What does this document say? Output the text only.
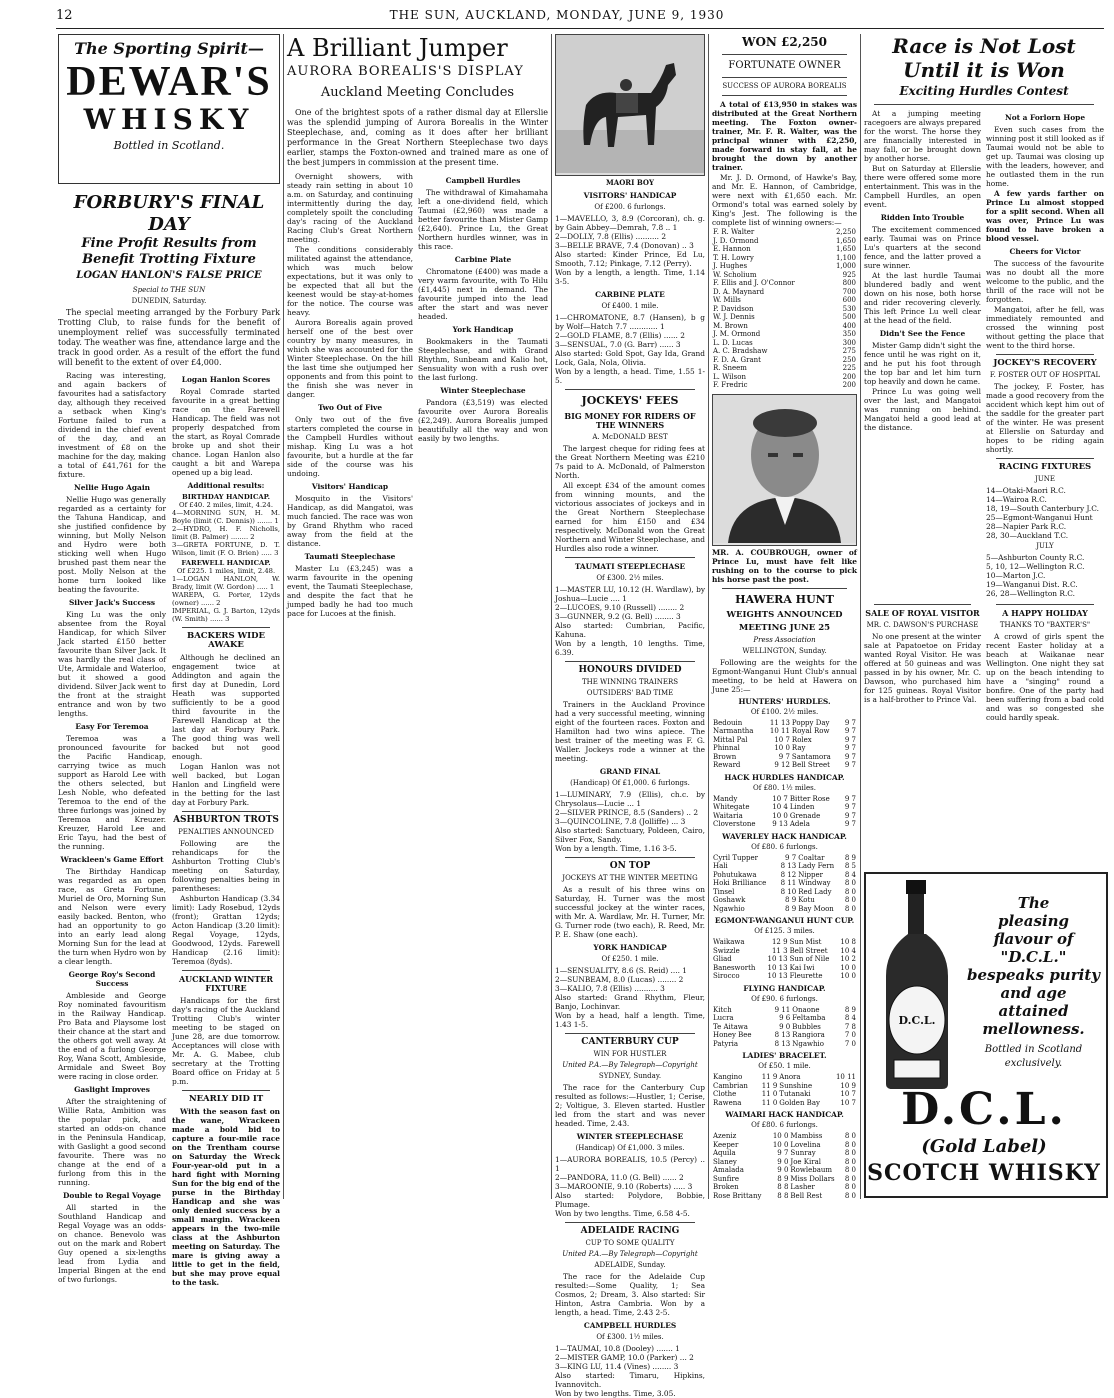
12	THE SUN, AUCKLAND, MONDAY, JUNE 9, 1930
The Sporting Spirit—
DEWAR'S
WHISKY
Bottled in Scotland.
FORBURY'S FINAL DAY
Fine Profit Results from
Benefit Trotting Fixture
LOGAN HANLON'S FALSE PRICE
Special to THE SUN
DUNEDIN, Saturday.

The special meeting arranged by the Forbury Park Trotting Club, to raise funds for the benefit of unemployment relief was successfully terminated today. The weather was fine, attendance large and the track in good order. As a result of the effort the fund will benefit to the extent of over £4,000.

Racing was interesting, and again backers of favourites had a satisfactory day, although they received a setback when King's Fortune failed to run a dividend in the chief event of the day, and an investment of £8 on the machine for the day, making a total of £41,761 for the fixture.

Nellie Hugo Again

Nellie Hugo was generally regarded as a certainty for the Tahuna Handicap, and she justified confidence by winning, but Molly Nelson and Hydro were both sticking well when Hugo brushed past them near the post. Molly Nelson at the home turn looked like beating the favourite.

Silver Jack's Success

King Lu was the only absentee from the Royal Handicap, for which Silver Jack started £150 better favourite than Silver Jack. It was hardly the real class of Ute, Armidale and Waterloo, but it showed a good dividend. Silver Jack went to the front at the straight entrance and won by two lengths.

Easy For Teremoa

Teremoa was a pronounced favourite for the Pacific Handicap, carrying twice as much support as Harold Lee with the others selected, but Lesh Noble, who defeated Teremoa to the end of the three furlongs was joined by Teremoa and Kreuzer. Kreuzer, Harold Lee and Eric Tayu, had the best of the running.

Wrackleen's Game Effort

The Birthday Handicap was regarded as an open race, as Greta Fortune, Muriel de Oro, Morning Sun and Nelson were every easily backed. Benton, who had an opportunity to go into an early lead along Morning Sun for the lead at the turn when Hydro won by a clear length.

George Roy's Second Success

Ambleside and George Roy nominated favouritism in the Railway Handicap. Pro Bata and Playsome lost their chance at the start and the others got well away. At the end of a furlong George Roy, Wana Scott, Ambleside, Armidale and Sweet Boy were racing in close order.

Gaslight Improves

After the straightening of Willie Rata, Ambition was the popular pick, and started an odds-on chance in the Peninsula Handicap, with Gaslight a good second favourite. There was no change at the end of a furlong from this in the running.

Double to Regal Voyage

All started in the Southland Handicap and Regal Voyage was an odds-on chance. Benevolo was out on the mark and Robert Guy opened a six-lengths lead from Lydia and Imperial Bingen at the end of two furlongs.

Logan Hanlon Scores

Royal Comrade started favourite in a great betting race on the Farewell Handicap. The field was not properly despatched from the start, as Royal Comrade broke up and shot their chance. Logan Hanlon also caught a bit and Warepa opened up a big lead.

Additional results:
BIRTHDAY HANDICAP.
Of £40. 2 miles, limit, 4.24.
4—MORNING SUN, H. M. Boyle (limit (C. Dennis)) ....... 1
2—HYDRO, H. F. Nicholls, limit (B. Palmer) ........ 2
3—GRETA FORTUNE, D. T. Wilson, limit (F. O. Brien) ..... 3
FAREWELL HANDICAP.
Of £225. 1 miles, limit, 2.48.
1—LOGAN HANLON, W. Brady, limit (W. Gordon) ..... 1
WAREPA, G. Porter, 12yds (owner) ...... 2
IMPERIAL, G. J. Barton, 12yds (W. Smith) ...... 3
BACKERS WIDE AWAKE

Although he declined an engagement twice at Addington and again the first day at Dunedin, Lord Heath was supported sufficiently to be a good third favourite in the Farewell Handicap at the last day at Forbury Park. The good thing was well backed but not good enough.

Logan Hanlon was not well backed, but Logan Hanlon and Lingfield were in the betting for the last day at Forbury Park.

ASHBURTON TROTS
PENALTIES ANNOUNCED

Following are the rehandicaps for the Ashburton Trotting Club's meeting on Saturday, following penalties being in parentheses:

Ashburton Handicap (3.34 limit): Lady Rosebud, 12yds (front); Grattan 12yds; Acton Handicap (3.20 limit): Regal Voyage, 12yds, Goodwood, 12yds. Farewell Handicap (2.16 limit): Teremoa (8yds).

AUCKLAND WINTER FIXTURE

Handicaps for the first day's racing of the Auckland Trotting Club's winter meeting to be staged on June 28, are due tomorrow. Acceptances will close with Mr. A. G. Mabee, club secretary at the Trotting Board office on Friday at 5 p.m.

NEARLY DID IT

With the season fast on the wane, Wrackeen made a bold bid to capture a four-mile race on the Trentham course on Saturday the Wreck Four-year-old put in a hard fight with Morning Sun for the big end of the purse in the Birthday Handicap and she was only denied success by a small margin. Wrackeen appears in the two-mile class at the Ashburton meeting on Saturday. The mare is giving away a little to get in the field, but she may prove equal to the task.

A Brilliant Jumper
AURORA BOREALIS'S DISPLAY
Auckland Meeting Concludes

One of the brightest spots of a rather dismal day at Ellerslie was the splendid jumping of Aurora Borealis in the Winter Steeplechase, and, coming as it does after her brilliant performance in the Great Northern Steeplechase two days earlier, stamps the Foxton-owned and trained mare as one of the best jumpers in commission at the present time.

Overnight showers, with steady rain setting in about 10 a.m. on Saturday, and continuing intermittently during the day, completely spoilt the concluding day's racing of the Auckland Racing Club's Great Northern meeting.

The conditions considerably militated against the attendance, which was much below expectations, but it was only to be expected that all but the keenest would be stay-at-homes for the notice. The course was heavy.

Aurora Borealis again proved herself one of the best over country by many measures, in which she was accounted for the Winter Steeplechase. On the hill the last time she outjumped her opponents and from this point to the finish she was never in danger.

Two Out of Five

Only two out of the five starters completed the course in the Campbell Hurdles without mishap. King Lu was a hot favourite, but a hurdle at the far side of the course was his undoing.

Visitors' Handicap

Mosquito in the Visitors' Handicap, as did Mangatoi, was much fancied. The race was won by Grand Rhythm who raced away from the field at the distance.

Taumati Steeplechase

Master Lu (£3,245) was a warm favourite in the opening event, the Taumati Steeplechase, and despite the fact that he jumped badly he had too much pace for Lucoes at the finish.

Campbell Hurdles

The withdrawal of Kimahamaha left a one-dividend field, which Taumai (£2,960) was made a better favourite than Mister Gamp (£2,640). Prince Lu, the Great Northern hurdles winner, was in this race.

Carbine Plate

Chromatone (£400) was made a very warm favourite, with To Hilu (£1,445) next in demand. The favourite jumped into the lead after the start and was never headed.

York Handicap

Bookmakers in the Taumati Steeplechase, and with Grand Rhythm, Sunbeam and Kalio hot, Sensuality won with a rush over the last furlong.

Winter Steeplechase

Pandora (£3,519) was elected favourite over Aurora Borealis (£2,249). Aurora Borealis jumped beautifully all the way and won easily by two lengths.

MAORI BOY
VISITORS' HANDICAP
Of £200. 6 furlongs.
1—MAVELLO, 3, 8.9 (Corcoran), ch. g. by Gain Abbey—Demrah, 7.8 .. 1
2—DOLLY, 7.8 (Ellis) .......... 2
3—BELLE BRAVE, 7.4 (Donovan) .. 3
Also started: Kinder Prince, Ed Lu, Smooth, 7.12; Pinkage, 7.12 (Perry).
Won by a length, a length. Time, 1.14 3-5.
CARBINE PLATE
Of £400. 1 mile.
1—CHROMATONE, 8.7 (Hansen), b g by Wolf—Hatch 7.7 ............ 1
2—GOLD FLAME, 8.7 (Ellis) ...... 2
3—SENSUAL, 7.0 (G. Barr) ...... 3
Also started: Gold Spot, Gay Ida, Grand Lock, Gala, Nola, Olivia.
Won by a length, a head. Time, 1.55 1-5.
JOCKEYS' FEES
BIG MONEY FOR RIDERS OF THE WINNERS
A. McDONALD BEST

The largest cheque for riding fees at the Great Northern Meeting was £210 7s paid to A. McDonald, of Palmerston North.

All except £34 of the amount comes from winning mounts, and the victorious associates of jockeys and in the Great Northern Steeplechase earned for him £150 and £34 respectively. McDonald won the Great Northern and Winter Steeplechase, and Hurdles also rode a winner.

TAUMATI STEEPLECHASE
Of £300. 2½ miles.
1—MASTER LU, 10.12 (H. Wardlaw), by Joshua—Lucie .... 1
2—LUCOES, 9.10 (Russell) ........ 2
3—GUNNER, 9.2 (G. Bell) ........ 3
Also started: Cumbrian, Pacific, Kahuna.
Won by a length, 10 lengths. Time, 6.39.
HONOURS DIVIDED
THE WINNING TRAINERS
OUTSIDERS' BAD TIME

Trainers in the Auckland Province had a very successful meeting, winning eight of the fourteen races. Foxton and Hamilton had two wins apiece. The best trainer of the meeting was F. G. Waller. Jockeys rode a winner at the meeting.

GRAND FINAL
(Handicap) Of £1,000. 6 furlongs.
1—LUMINARY, 7.9 (Ellis), ch.c. by Chrysolaus—Lucie ... 1
2—SILVER PRINCE, 8.5 (Sanders) .. 2
3—QUINCOLINE, 7.8 (Jolliffe) ... 3
Also started: Sanctuary, Poldeen, Cairo, Silver Fox, Sandy.
Won by a length. Time, 1.16 3-5.
ON TOP
JOCKEYS AT THE WINTER MEETING

As a result of his three wins on Saturday, H. Turner was the most successful jockey at the winter races, with Mr. A. Wardlaw, Mr. H. Turner, Mr. G. Turner rode (two each), R. Reed, Mr. P. E. Shaw (one each).

YORK HANDICAP
Of £250. 1 mile.
1—SENSUALITY, 8.6 (S. Reid) .... 1
2—SUNBEAM, 8.0 (Lucas) ........ 2
3—KALIO, 7.8 (Ellis) .......... 3
Also started: Grand Rhythm, Fleur, Banjo, Lochinvar.
Won by a head, half a length. Time, 1.43 1-5.
CANTERBURY CUP
WIN FOR HUSTLER
United P.A.—By Telegraph—Copyright
SYDNEY, Sunday.

The race for the Canterbury Cup resulted as follows:—Hustler, 1; Cerise, 2; Voltigue, 3. Eleven started. Hustler led from the start and was never headed. Time, 2.43.

WINTER STEEPLECHASE
(Handicap) Of £1,000. 3 miles.
1—AURORA BOREALIS, 10.5 (Percy) .. 1
2—PANDORA, 11.0 (G. Bell) ...... 2
3—MAROONIE, 9.10 (Roberts) ..... 3
Also started: Polydore, Bobbie, Plumage.
Won by two lengths. Time, 6.58 4-5.
ADELAIDE RACING
CUP TO SOME QUALITY
United P.A.—By Telegraph—Copyright
ADELAIDE, Sunday.

The race for the Adelaide Cup resulted:—Some Quality, 1; Sea Cosmos, 2; Dream, 3. Also started: Sir Hinton, Astra Cambria. Won by a length, a head. Time, 2.43 2-5.

CAMPBELL HURDLES
Of £300. 1½ miles.
1—TAUMAI, 10.8 (Dooley) ....... 1
2—MISTER GAMP, 10.0 (Parker) ... 2
3—KING LU, 11.4 (Vines) ........ 3
Also started: Timaru, Hipkins, Ivannovitch.
Won by two lengths. Time, 3.05.
WON £2,250
FORTUNATE OWNER
SUCCESS OF AURORA BOREALIS

A total of £13,950 in stakes was distributed at the Great Northern meeting. The Foxton owner-trainer, Mr. F. R. Walter, was the principal winner with £2,250, made forward in stay fall, at he brought the down by another trainer.

Mr. J. D. Ormond, of Hawke's Bay, and Mr. E. Hannon, of Cambridge, were next with £1,650 each. Mr. Ormond's total was earned solely by King's Jest. The following is the complete list of winning owners:—

F. R. Walter	2,250
J. D. Ormond	1,650
E. Hannon	1,650
T. H. Lowry	1,100
J. Hughes	1,000
W. Scholium	925
F. Ellis and J. O'Connor	800
D. A. Maynard	700
W. Mills	600
P. Davidson	530
W. J. Dennis	500
M. Brown	400
J. M. Ormond	350
L. D. Lucas	300
A. C. Bradshaw	275
F. D. A. Grant	250
R. Sneem	225
L. Wilson	200
F. Fredric	200

MR. A. COUBROUGH, owner of Prince Lu, must have felt like rushing on to the course to pick his horse past the post.

HAWERA HUNT
WEIGHTS ANNOUNCED
MEETING JUNE 25
Press Association
WELLINGTON, Sunday.

Following are the weights for the Egmont-Wanganui Hunt Club's annual meeting, to be held at Hawera on June 25:—

HUNTERS' HURDLES.
Of £100. 2½ miles.
Bedouin	11 13	Poppy Day	9 7
Narmantha	10 11	Royal Row	9 7
Mittal Pal	10 7	Rolex	9 7
Phinnal	10 0	Ray	9 7
Brown	9 7	Santamora	9 7
Reward	9 12	Bell Street	9 7
HACK HURDLES HANDICAP.
Of £80. 1½ miles.
Mandy	10 7	Bitter Rose	9 7
Whitegate	10 4	Linden	9 7
Waitaria	10 0	Grenade	9 7
Cloverstone	9 13	Adela	9 7
WAVERLEY HACK HANDICAP.
Of £80. 6 furlongs.
Cyril Tupper	9 7	Coaltar	8 9
Hali	8 13	Lady Fern	8 5
Pohutukawa	8 12	Nipper	8 4
Hoki Brilliance	8 11	Windway	8 0
Tinsel	8 10	Red Lady	8 0
Goshawk	8 9	Kotu	8 0
Ngawhio	8 9	Bay Moon	8 0
EGMONT-WANGANUI HUNT CUP.
Of £125. 3 miles.
Waikawa	12 9	Sun Mist	10 8
Swizzle	11 3	Bell Street	10 4
Gliad	10 13	Sun of Nile	10 2
Banesworth	10 13	Kai Iwi	10 0
Sirocco	10 13	Fleurette	10 0
FLYING HANDICAP.
Of £90. 6 furlongs.
Kitch	9 11	Onaone	8 9
Lucra	9 6	Feltamba	8 4
Te Aitawa	9 0	Bubbles	7 8
Honey Bee	8 13	Rangiora	7 0
Patyria	8 13	Ngawhio	7 0
LADIES' BRACELET.
Of £50. 1 mile.
Kangino	11 9	Anora	10 11
Cambrian	11 9	Sunshine	10 9
Clothe	11 0	Tutanaki	10 7
Rawena	11 0	Golden Bay	10 7
WAIMARI HACK HANDICAP.
Of £80. 6 furlongs.
Azeniz	10 0	Mambiss	8 0
Keeper	10 0	Lovelina	8 0
Aquila	9 7	Sunray	8 0
Slaney	9 0	Joe Kiral	8 0
Amalada	9 0	Rowlebaum	8 0
Sunfire	8 9	Miss Dollars	8 0
Broken	8 8	Lasher	8 0
Rose Brittany	8 8	Bell Rest	8 0
Race is Not Lost
Until it is Won
Exciting Hurdles Contest

At a jumping meeting racegoers are always prepared for the worst. The horse they are financially interested in may fall, or be brought down by another horse.

But on Saturday at Ellerslie there were offered some more entertainment. This was in the Campbell Hurdles, an open event.

Ridden Into Trouble

The excitement commenced early. Taumai was on Prince Lu's quarters at the second fence, and the latter proved a sure winner.

At the last hurdle Taumai blundered badly and went down on his nose, both horse and rider recovering cleverly. This left Prince Lu well clear at the head of the field.

Didn't See the Fence

Mister Gamp didn't sight the fence until he was right on it, and he put his foot through the top bar and let him turn top heavily and down he came.

Prince Lu was going well over the last, and Mangatoi was running on behind. Mangatoi held a good lead at the distance.

Not a Forlorn Hope

Even such cases from the winning post it still looked as if Taumai would not be able to get up. Taumai was closing up with the leaders, however, and he outlasted them in the run home.

A few yards farther on Prince Lu almost stopped for a split second. When all was over, Prince Lu was found to have broken a blood vessel.

Cheers for Victor

The success of the favourite was no doubt all the more welcome to the public, and the thrill of the race will not be forgotten.

Mangatoi, after he fell, was immediately remounted and crossed the winning post without getting the place that went to the third horse.

JOCKEY'S RECOVERY
F. FOSTER OUT OF HOSPITAL

The jockey, F. Foster, has made a good recovery from the accident which kept him out of the saddle for the greater part of the winter. He was present at Ellerslie on Saturday and hopes to be riding again shortly.

RACING FIXTURES
JUNE
14—Otaki-Maori R.C.
14—Wairoa R.C.
18, 19—South Canterbury J.C.
25—Egmont-Wanganui Hunt
28—Napier Park R.C.
28, 30—Auckland T.C.
JULY
5—Ashburton County R.C.
5, 10, 12—Wellington R.C.
10—Marton J.C.
19—Wanganui Dist. R.C.
26, 28—Wellington R.C.
SALE OF ROYAL VISITOR
MR. C. DAWSON'S PURCHASE

No one present at the winter sale at Papatoetoe on Friday wanted Royal Visitor. He was offered at 50 guineas and was passed in by his owner, Mr. C. Dawson, who purchased him for 125 guineas. Royal Visitor is a half-brother to Prince Val.

A HAPPY HOLIDAY
THANKS TO "BAXTER'S"

A crowd of girls spent the recent Easter holiday at a beach at Waikanae near Wellington. One night they sat up on the beach intending to have a "singing" round a bonfire. One of the party had been suffering from a bad cold and was so congested she could hardly speak.

D.C.L.
The
pleasing
flavour of
"D.C.L."
bespeaks purity
and age attained
mellowness.
Bottled in Scotland
exclusively.
D.C.L.
(Gold Label)
SCOTCH WHISKY
